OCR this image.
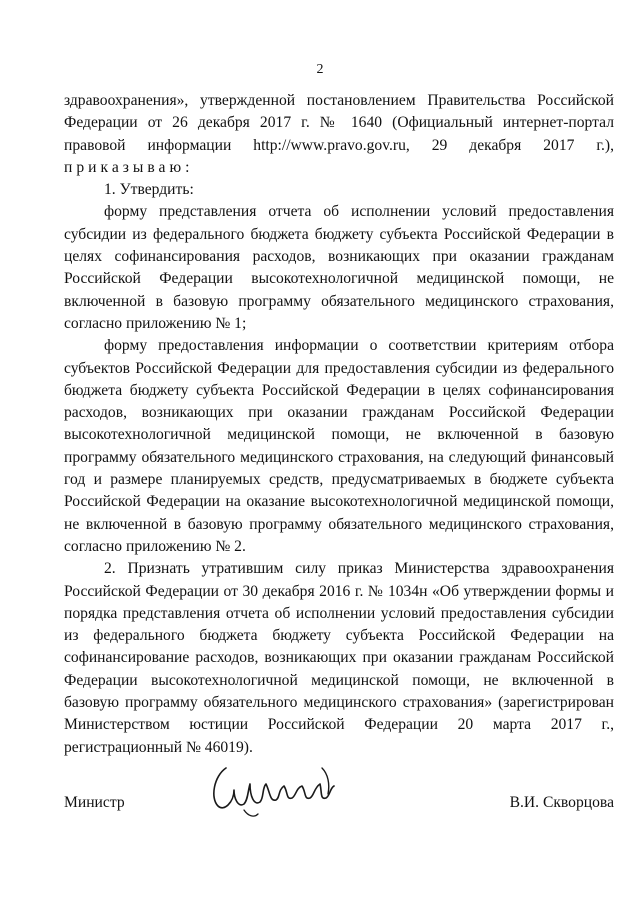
2

здравоохранения», утвержденной постановлением Правительства Российской Федерации от 26 декабря 2017 г. № 1640 (Официальный интернет-портал правовой информации http://www.pravo.gov.ru, 29 декабря 2017 г.), приказываю:

1. Утвердить:

форму представления отчета об исполнении условий предоставления субсидии из федерального бюджета бюджету субъекта Российской Федерации в целях софинансирования расходов, возникающих при оказании гражданам Российской Федерации высокотехнологичной медицинской помощи, не включенной в базовую программу обязательного медицинского страхования, согласно приложению № 1;

форму предоставления информации о соответствии критериям отбора субъектов Российской Федерации для предоставления субсидии из федерального бюджета бюджету субъекта Российской Федерации в целях софинансирования расходов, возникающих при оказании гражданам Российской Федерации высокотехнологичной медицинской помощи, не включенной в базовую программу обязательного медицинского страхования, на следующий финансовый год и размере планируемых средств, предусматриваемых в бюджете субъекта Российской Федерации на оказание высокотехнологичной медицинской помощи, не включенной в базовую программу обязательного медицинского страхования, согласно приложению № 2.

2. Признать утратившим силу приказ Министерства здравоохранения Российской Федерации от 30 декабря 2016 г. № 1034н «Об утверждении формы и порядка представления отчета об исполнении условий предоставления субсидии из федерального бюджета бюджету субъекта Российской Федерации на софинансирование расходов, возникающих при оказании гражданам Российской Федерации высокотехнологичной медицинской помощи, не включенной в базовую программу обязательного медицинского страхования» (зарегистрирован Министерством юстиции Российской Федерации 20 марта 2017 г., регистрационный № 46019).

Министр	В.И. Скворцова
